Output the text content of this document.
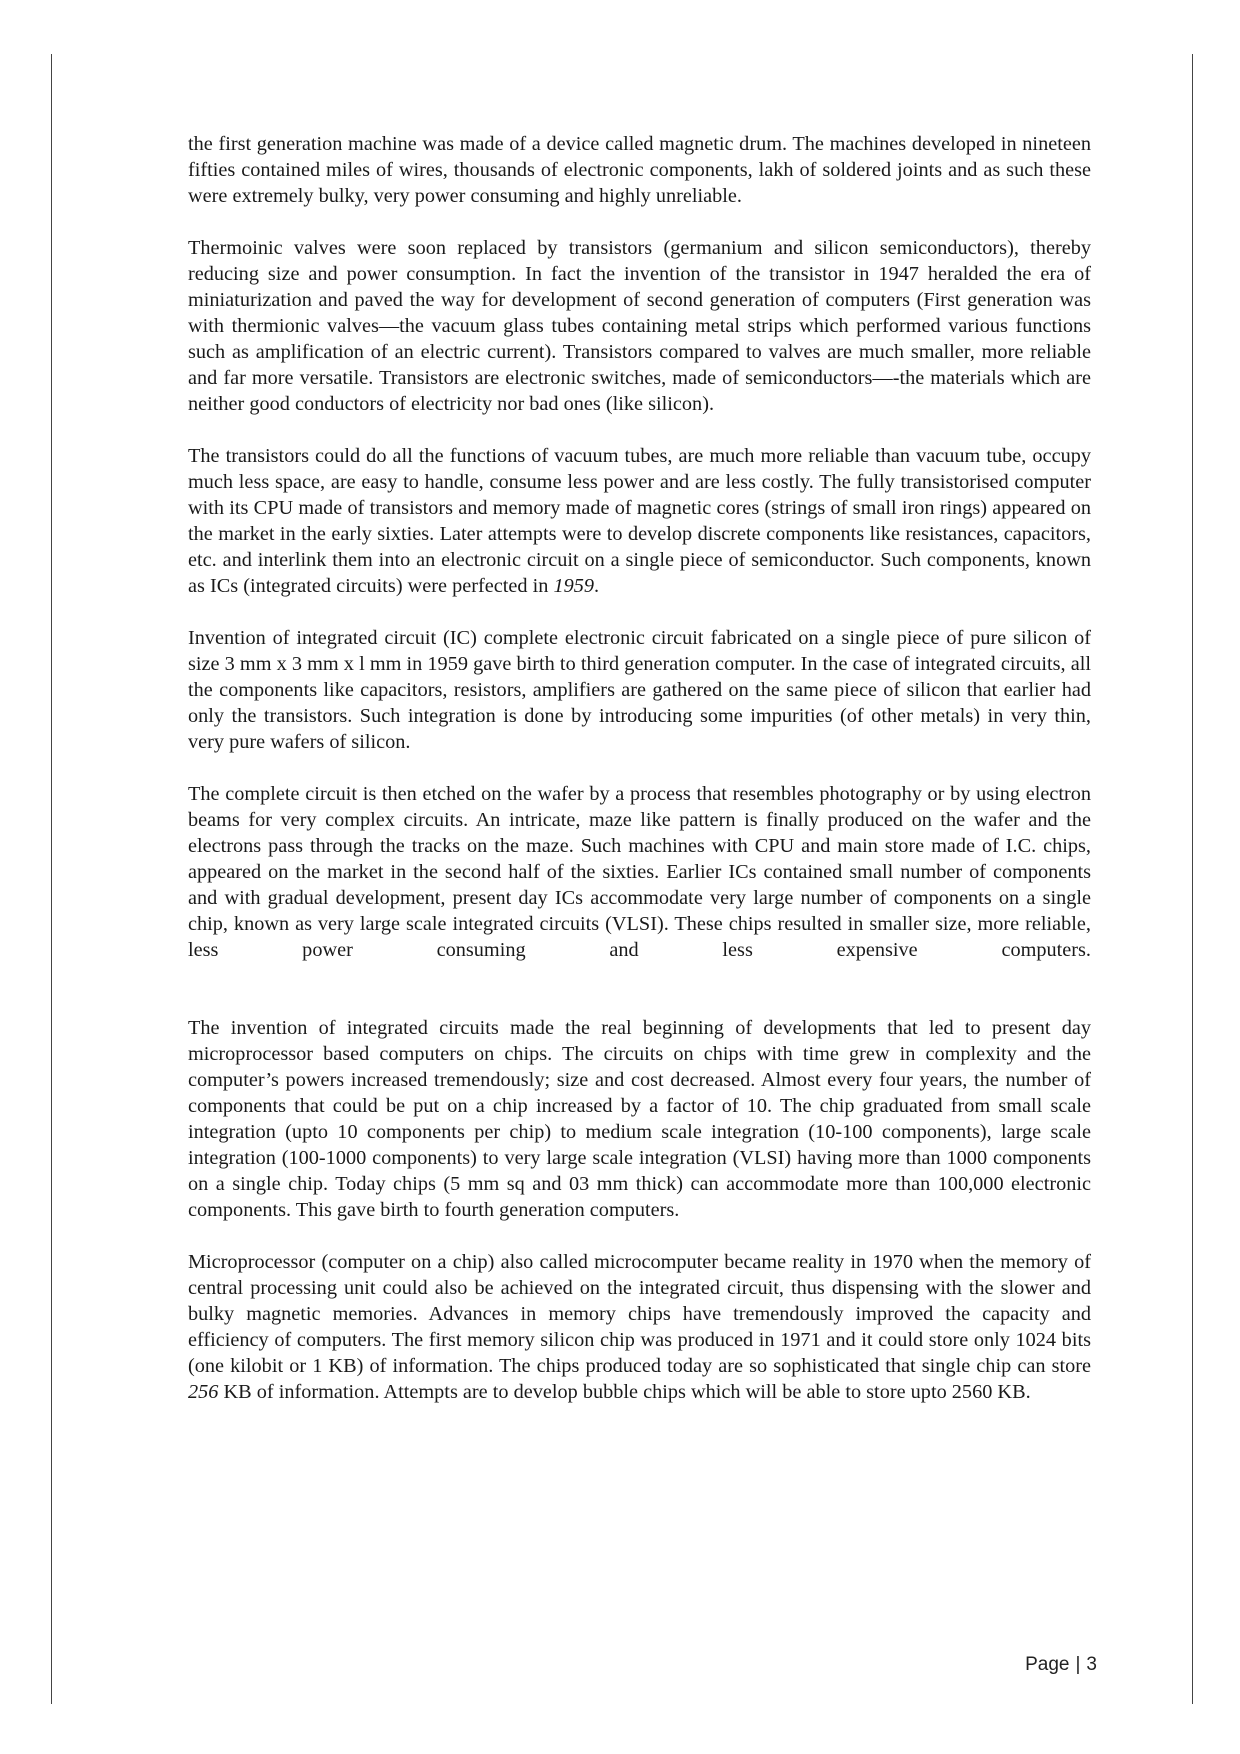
the first generation machine was made of a device called magnetic drum. The machines developed in nineteen fifties contained miles of wires, thousands of electronic components, lakh of soldered joints and as such these were extremely bulky, very power consuming and highly unreliable.

Thermoinic valves were soon replaced by transistors (germanium and silicon semiconductors), thereby reducing size and power consumption. In fact the invention of the transistor in 1947 heralded the era of miniaturization and paved the way for development of second generation of computers (First generation was with thermionic valves—the vacuum glass tubes containing metal strips which performed various functions such as amplification of an electric current). Transistors compared to valves are much smaller, more reliable and far more versatile. Transistors are electronic switches, made of semiconductors—-the materials which are neither good conductors of electricity nor bad ones (like silicon).

The transistors could do all the functions of vacuum tubes, are much more reliable than vacuum tube, occupy much less space, are easy to handle, consume less power and are less costly. The fully transistorised computer with its CPU made of transistors and memory made of magnetic cores (strings of small iron rings) appeared on the market in the early sixties. Later attempts were to develop discrete components like resistances, capacitors, etc. and interlink them into an electronic circuit on a single piece of semiconductor. Such components, known as ICs (integrated circuits) were perfected in 1959.

Invention of integrated circuit (IC) complete electronic circuit fabricated on a single piece of pure silicon of size 3 mm x 3 mm x l mm in 1959 gave birth to third generation computer. In the case of integrated circuits, all the components like capacitors, resistors, amplifiers are gathered on the same piece of silicon that earlier had only the transistors. Such integration is done by introducing some impurities (of other metals) in very thin, very pure wafers of silicon.

The complete circuit is then etched on the wafer by a process that resembles photography or by using electron beams for very complex circuits. An intricate, maze like pattern is finally produced on the wafer and the electrons pass through the tracks on the maze. Such machines with CPU and main store made of I.C. chips, appeared on the market in the second half of the sixties. Earlier ICs contained small number of components and with gradual development, present day ICs accommodate very large number of components on a single chip, known as very large scale integrated circuits (VLSI). These chips resulted in smaller size, more reliable, less power consuming and less expensive computers.

The invention of integrated circuits made the real beginning of developments that led to present day microprocessor based computers on chips. The circuits on chips with time grew in complexity and the computer’s powers increased tremendously; size and cost decreased. Almost every four years, the number of components that could be put on a chip increased by a factor of 10. The chip graduated from small scale integration (upto 10 components per chip) to medium scale integration (10-100 components), large scale integration (100-1000 components) to very large scale integration (VLSI) having more than 1000 components on a single chip. Today chips (5 mm sq and 03 mm thick) can accommodate more than 100,000 electronic components. This gave birth to fourth generation computers.

Microprocessor (computer on a chip) also called microcomputer became reality in 1970 when the memory of central processing unit could also be achieved on the integrated circuit, thus dispensing with the slower and bulky magnetic memories. Advances in memory chips have tremendously improved the capacity and efficiency of computers. The first memory silicon chip was produced in 1971 and it could store only 1024 bits (one kilobit or 1 KB) of information. The chips produced today are so sophisticated that single chip can store 256 KB of information. Attempts are to develop bubble chips which will be able to store upto 2560 KB.

Page | 3
